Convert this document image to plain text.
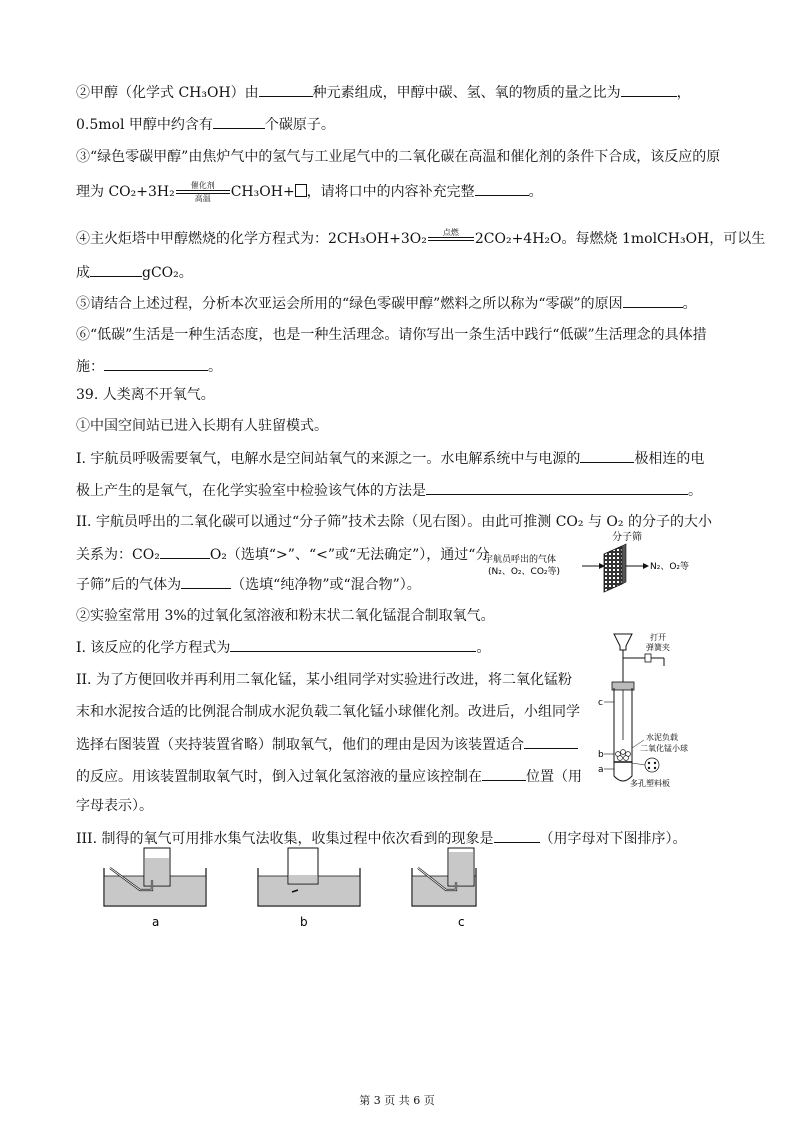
②甲醇（化学式 CH₃OH）由	种元素组成，甲醇中碳、氢、氧的物质的量之比为	，
0.5mol 甲醇中约含有	个碳原子。
③“绿色零碳甲醇”由焦炉气中的氢气与工业尾气中的二氧化碳在高温和催化剂的条件下合成，该反应的原
理为 CO₂+3H₂	催化剂
高温	CH₃OH+ ，请将口中的内容补充完整	。
④主火炬塔中甲醇燃烧的化学方程式为：2CH₃OH+3O₂	点燃
	2CO₂+4H₂O。每燃烧 1molCH₃OH，可以生
成	gCO₂。
⑤请结合上述过程，分析本次亚运会所用的“绿色零碳甲醇”燃料之所以称为“零碳”的原因	。
⑥“低碳”生活是一种生活态度，也是一种生活理念。请你写出一条生活中践行“低碳”生活理念的具体措
施：	。
39. 人类离不开氧气。
①中国空间站已进入长期有人驻留模式。
I. 宇航员呼吸需要氧气，电解水是空间站氧气的来源之一。水电解系统中与电源的	极相连的电
极上产生的是氧气，在化学实验室中检验该气体的方法是	。
II. 宇航员呼出的二氧化碳可以通过“分子筛”技术去除（见右图）。由此可推测 CO₂ 与 O₂ 的分子的大小
关系为：CO₂	O₂（选填“>”、“<”或“无法确定”），通过“分
子筛”后的气体为	（选填“纯净物”或“混合物”）。
分子筛
宇航员呼出的气体
(N₂、O₂、CO₂等)	N₂、O₂等
②实验室常用 3%的过氧化氢溶液和粉末状二氧化锰混合制取氧气。
I. 该反应的化学方程式为	。
II. 为了方便回收并再利用二氧化锰，某小组同学对实验进行改进，将二氧化锰粉
末和水泥按合适的比例混合制成水泥负载二氧化锰小球催化剂。改进后，小组同学
选择右图装置（夹持装置省略）制取氧气，他们的理由是因为该装置适合
的反应。用该装置制取氧气时，倒入过氧化氢溶液的量应该控制在	位置（用
字母表示）。
打开
弹簧夹
c
b
a
水泥负载
二氧化锰小球
多孔塑料板
III. 制得的氧气可用排水集气法收集，收集过程中依次看到的现象是	（用字母对下图排序）。
a	b	c
第 3 页 共 6 页
